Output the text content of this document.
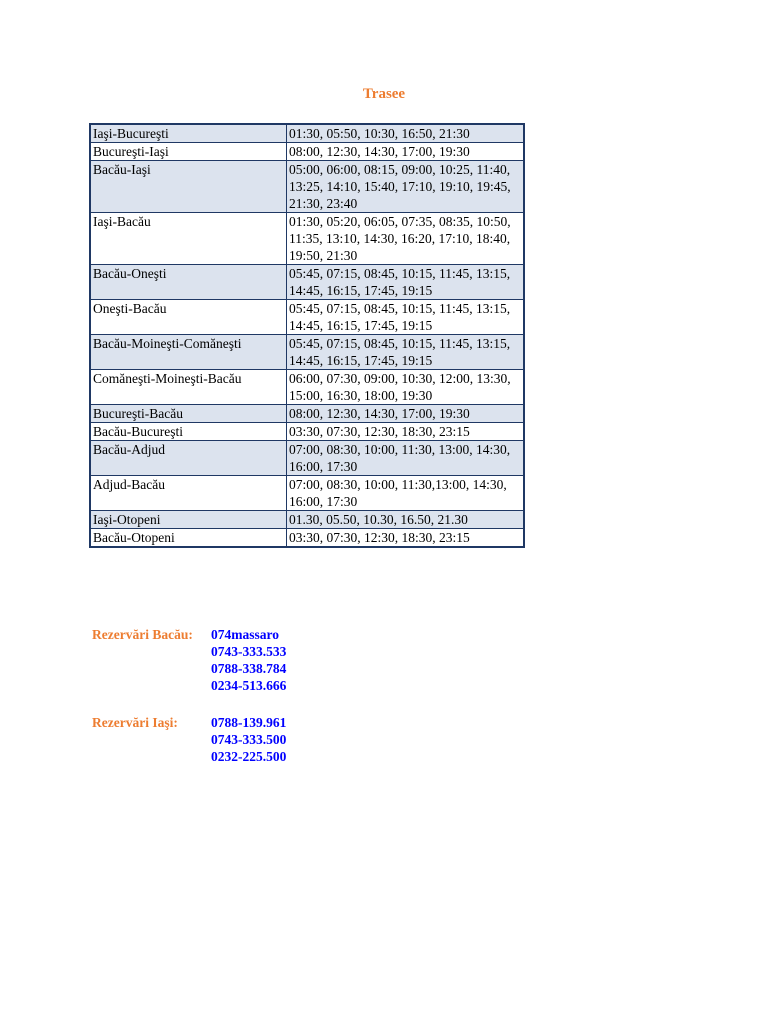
Trasee
Iaşi-Bucureşti	01:30, 05:50, 10:30, 16:50, 21:30
Bucureşti-Iaşi	08:00, 12:30, 14:30, 17:00, 19:30
Bacău-Iaşi	05:00, 06:00, 08:15, 09:00, 10:25, 11:40, 13:25, 14:10, 15:40, 17:10, 19:10, 19:45, 21:30, 23:40
Iaşi-Bacău	01:30, 05:20, 06:05, 07:35, 08:35, 10:50, 11:35, 13:10, 14:30, 16:20, 17:10, 18:40, 19:50, 21:30
Bacău-Oneşti	05:45, 07:15, 08:45, 10:15, 11:45, 13:15, 14:45, 16:15, 17:45, 19:15
Oneşti-Bacău	05:45, 07:15, 08:45, 10:15, 11:45, 13:15, 14:45, 16:15, 17:45, 19:15
Bacău-Moineşti-Comăneşti	05:45, 07:15, 08:45, 10:15, 11:45, 13:15, 14:45, 16:15, 17:45, 19:15
Comăneşti-Moineşti-Bacău	06:00, 07:30, 09:00, 10:30, 12:00, 13:30, 15:00, 16:30, 18:00, 19:30
Bucureşti-Bacău	08:00, 12:30, 14:30, 17:00, 19:30
Bacău-Bucureşti	03:30, 07:30, 12:30, 18:30, 23:15
Bacău-Adjud	07:00, 08:30, 10:00, 11:30, 13:00, 14:30, 16:00, 17:30
Adjud-Bacău	07:00, 08:30, 10:00, 11:30,13:00, 14:30, 16:00, 17:30
Iaşi-Otopeni	01.30, 05.50, 10.30, 16.50, 21.30
Bacău-Otopeni	03:30, 07:30, 12:30, 18:30, 23:15
Rezervări Bacău: 074massaro
0743-333.533
0788-338.784
0234-513.666
Rezervări Iaşi: 0788-139.961
0743-333.500
0232-225.500
